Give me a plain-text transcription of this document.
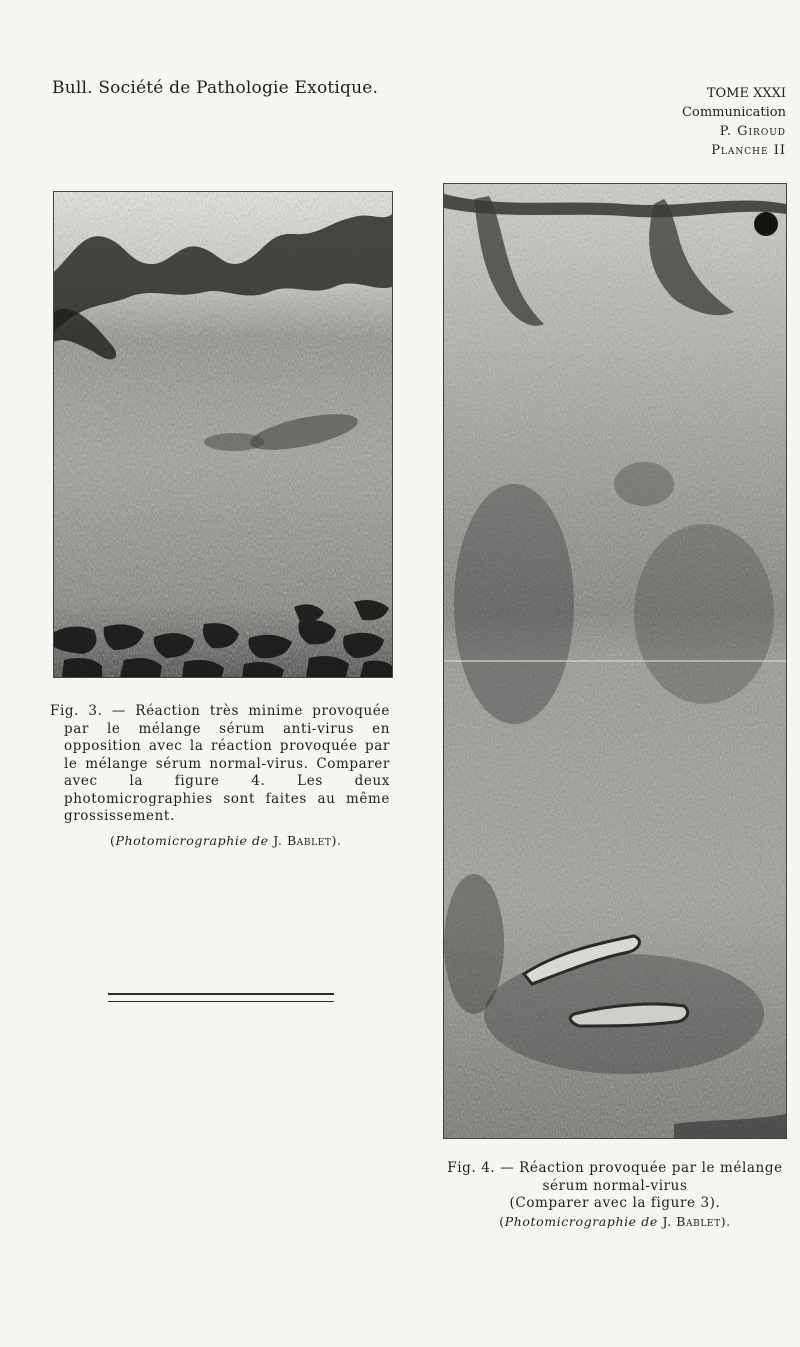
Bull. Société de Pathologie Exotique.	TOME XXXI
Communication
P. Giroud
Planche II
Fig. 3. — Réaction très minime provoquée par le mélange sérum anti-virus en opposition avec la réaction provoquée par le mélange sérum normal-virus. Comparer avec la figure 4. Les deux photomicrographies sont faites au même grossissement.
(Photomicrographie de J. Bablet).
Fig. 4. — Réaction provoquée par le mélange
sérum normal-virus
(Comparer avec la figure 3).
(Photomicrographie de J. Bablet).
